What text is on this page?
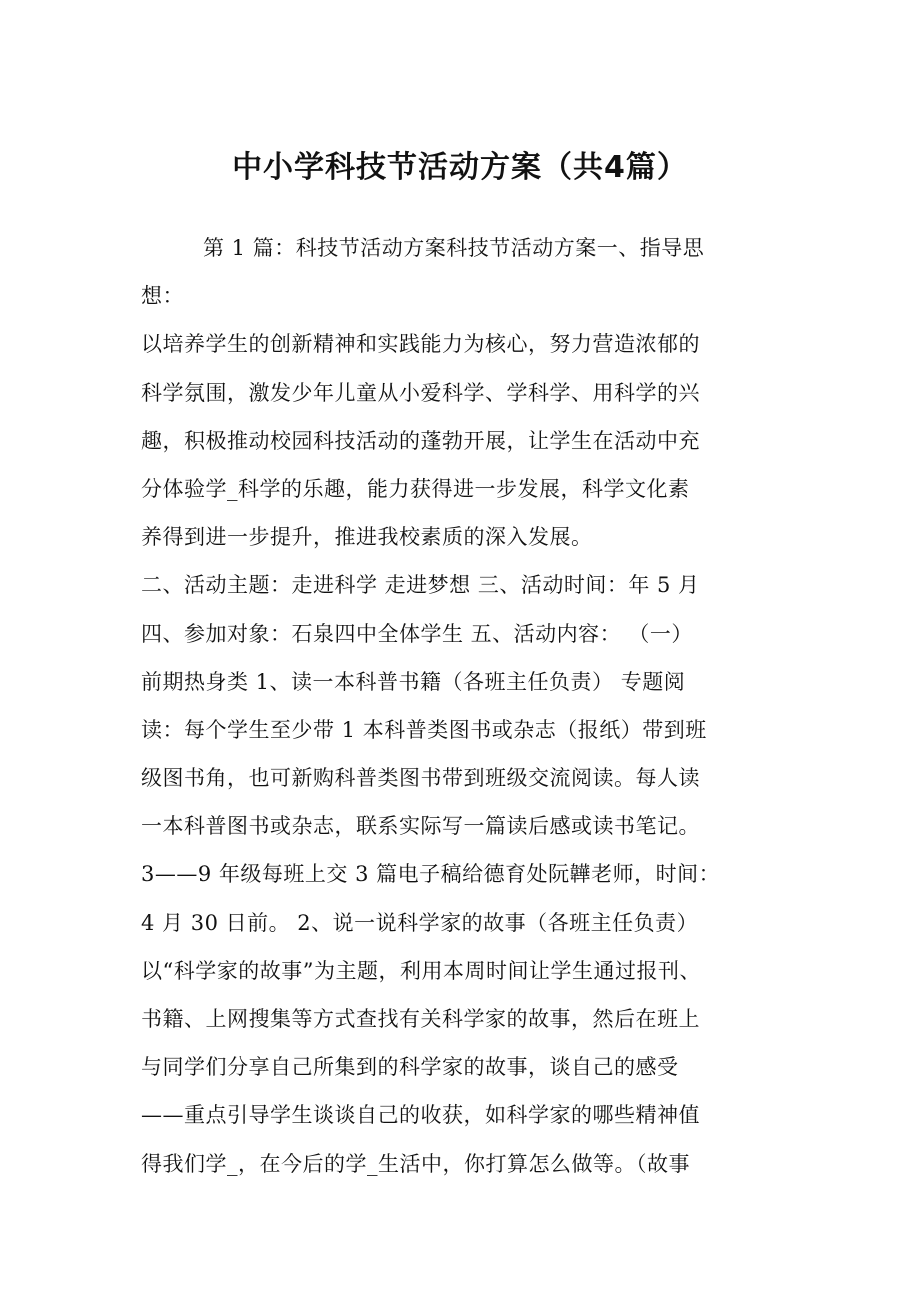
中小学科技节活动方案（共4篇）
第 1 篇：科技节活动方案科技节活动方案一、指导思
想：
以培养学生的创新精神和实践能力为核心，努力营造浓郁的
科学氛围，激发少年儿童从小爱科学、学科学、用科学的兴
趣，积极推动校园科技活动的蓬勃开展，让学生在活动中充
分体验学_科学的乐趣，能力获得进一步发展，科学文化素
养得到进一步提升，推进我校素质的深入发展。
二、活动主题：走进科学 走进梦想 三、活动时间：年 5 月
四、参加对象：石泉四中全体学生 五、活动内容： （一）
前期热身类 1、读一本科普书籍（各班主任负责） 专题阅
读：每个学生至少带 1 本科普类图书或杂志（报纸）带到班
级图书角，也可新购科普类图书带到班级交流阅读。每人读
一本科普图书或杂志，联系实际写一篇读后感或读书笔记。
3——9 年级每班上交 3 篇电子稿给德育处阮韡老师，时间：
4 月 30 日前。 2、说一说科学家的故事（各班主任负责）
以“科学家的故事”为主题，利用本周时间让学生通过报刊、
书籍、上网搜集等方式查找有关科学家的故事，然后在班上
与同学们分享自己所集到的科学家的故事，谈自己的感受
——重点引导学生谈谈自己的收获，如科学家的哪些精神值
得我们学_，在今后的学_生活中，你打算怎么做等。（故事
